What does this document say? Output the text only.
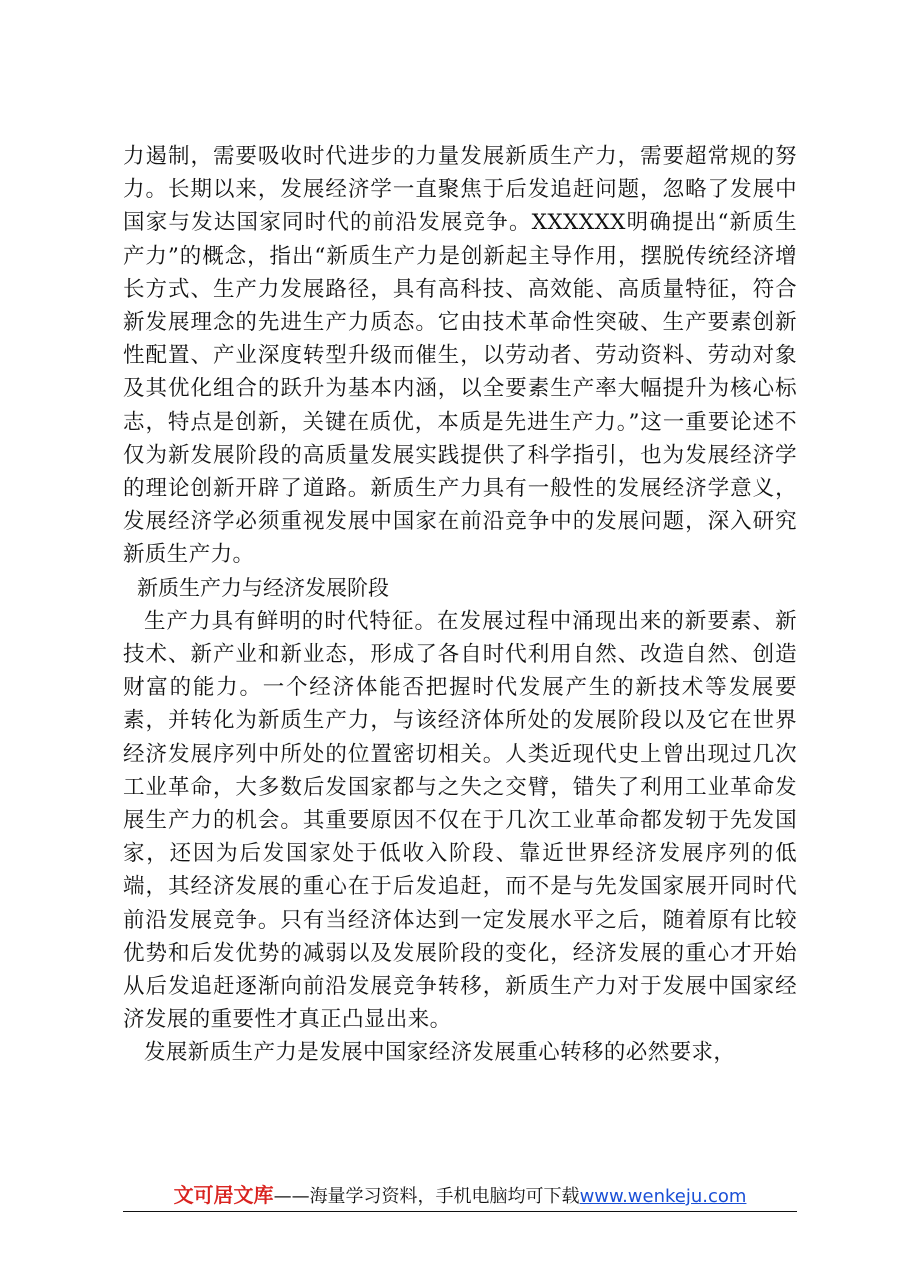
力遏制，需要吸收时代进步的力量发展新质生产力，需要超常规的努力。长期以来，发展经济学一直聚焦于后发追赶问题，忽略了发展中国家与发达国家同时代的前沿发展竞争。XXXXXX明确提出“新质生产力”的概念，指出“新质生产力是创新起主导作用，摆脱传统经济增长方式、生产力发展路径，具有高科技、高效能、高质量特征，符合新发展理念的先进生产力质态。它由技术革命性突破、生产要素创新性配置、产业深度转型升级而催生，以劳动者、劳动资料、劳动对象及其优化组合的跃升为基本内涵，以全要素生产率大幅提升为核心标志，特点是创新，关键在质优，本质是先进生产力。”这一重要论述不仅为新发展阶段的高质量发展实践提供了科学指引，也为发展经济学的理论创新开辟了道路。新质生产力具有一般性的发展经济学意义，发展经济学必须重视发展中国家在前沿竞争中的发展问题，深入研究新质生产力。

新质生产力与经济发展阶段

生产力具有鲜明的时代特征。在发展过程中涌现出来的新要素、新技术、新产业和新业态，形成了各自时代利用自然、改造自然、创造财富的能力。一个经济体能否把握时代发展产生的新技术等发展要素，并转化为新质生产力，与该经济体所处的发展阶段以及它在世界经济发展序列中所处的位置密切相关。人类近现代史上曾出现过几次工业革命，大多数后发国家都与之失之交臂，错失了利用工业革命发展生产力的机会。其重要原因不仅在于几次工业革命都发轫于先发国家，还因为后发国家处于低收入阶段、靠近世界经济发展序列的低端，其经济发展的重心在于后发追赶，而不是与先发国家展开同时代前沿发展竞争。只有当经济体达到一定发展水平之后，随着原有比较优势和后发优势的减弱以及发展阶段的变化，经济发展的重心才开始从后发追赶逐渐向前沿发展竞争转移，新质生产力对于发展中国家经济发展的重要性才真正凸显出来。

发展新质生产力是发展中国家经济发展重心转移的必然要求，

文可居文库——海量学习资料，手机电脑均可下载www.wenkeju.com
